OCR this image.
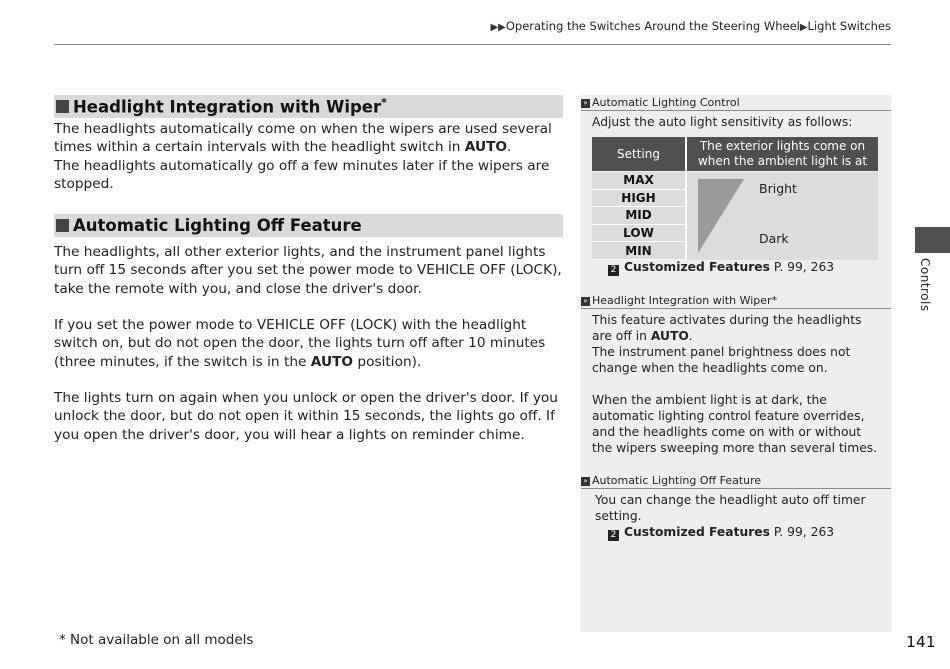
▶▶Operating the Switches Around the Steering Wheel▶Light Switches
Headlight Integration with Wiper*

The headlights automatically come on when the wipers are used several times within a certain intervals with the headlight switch in AUTO.

The headlights automatically go off a few minutes later if the wipers are stopped.

Automatic Lighting Off Feature

The headlights, all other exterior lights, and the instrument panel lights turn off 15 seconds after you set the power mode to VEHICLE OFF (LOCK), take the remote with you, and close the driver's door.

If you set the power mode to VEHICLE OFF (LOCK) with the headlight switch on, but do not open the door, the lights turn off after 10 minutes (three minutes, if the switch is in the AUTO position).

The lights turn on again when you unlock or open the driver's door. If you unlock the door, but do not open it within 15 seconds, the lights go off. If you open the driver's door, you will hear a lights on reminder chime.

» Automatic Lighting Control
Adjust the auto light sensitivity as follows:
Setting
The exterior lights come on when the ambient light is at
MAX
HIGH
MID
LOW
MIN
Bright
Dark
2 Customized Features P. 99, 263
» Headlight Integration with Wiper*
This feature activates during the headlights are off in AUTO.
The instrument panel brightness does not change when the headlights come on.
When the ambient light is at dark, the automatic lighting control feature overrides, and the headlights come on with or without the wipers sweeping more than several times.
» Automatic Lighting Off Feature
You can change the headlight auto off timer setting.
2 Customized Features P. 99, 263
Controls
* Not available on all models	141
